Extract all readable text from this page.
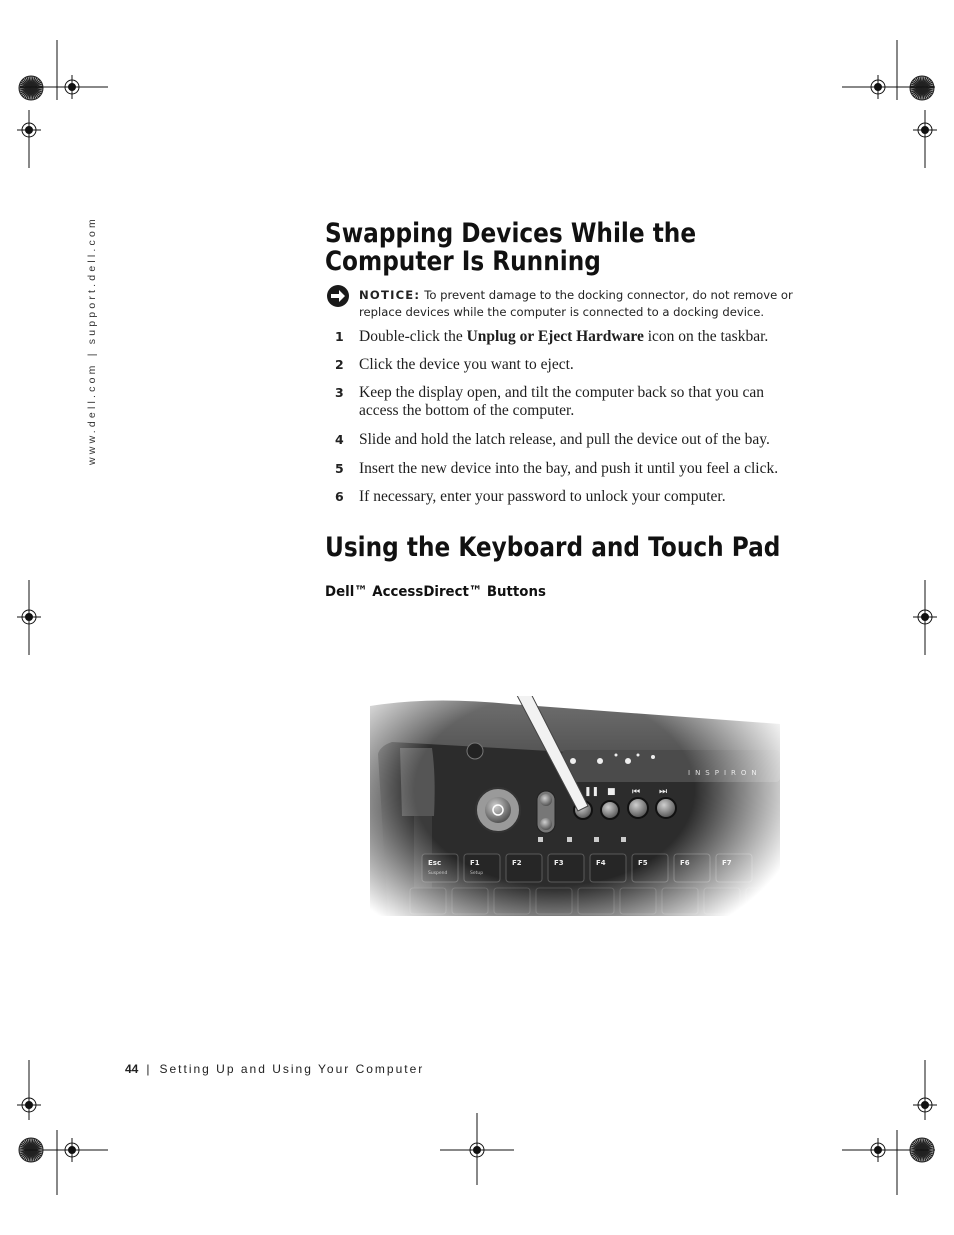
www.dell.com | support.dell.com	Swapping Devices While the Computer Is Running
NOTICE: To prevent damage to the docking connector, do not remove or replace devices while the computer is connected to a docking device.
1 Double-click the Unplug or Eject Hardware icon on the taskbar.
2 Click the device you want to eject.
3 Keep the display open, and tilt the computer back so that you can access the bottom of the computer.
4 Slide and hold the latch release, and pull the device out of the bay.
5 Insert the new device into the bay, and push it until you feel a click.
6 If necessary, enter your password to unlock your computer.
Using the Keyboard and Touch Pad
Dell™ AccessDirect™ Buttons
44 | Setting Up and Using Your Computer
